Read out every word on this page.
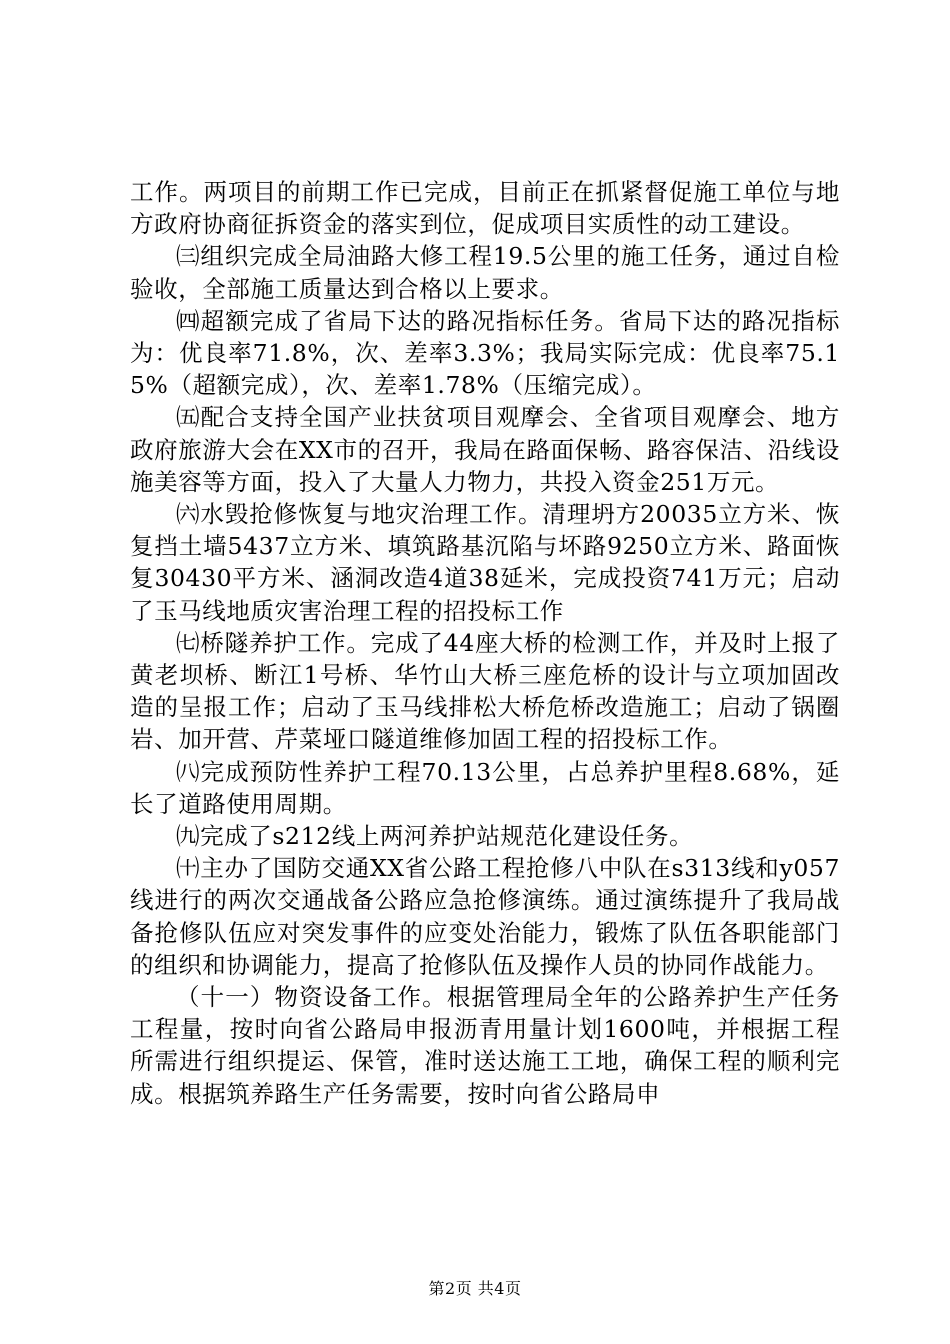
工作。两项目的前期工作已完成，目前正在抓紧督促施工单位与地方政府协商征拆资金的落实到位，促成项目实质性的动工建设。

㈢组织完成全局油路大修工程19.5公里的施工任务，通过自检验收，全部施工质量达到合格以上要求。

㈣超额完成了省局下达的路况指标任务。省局下达的路况指标为：优良率71.8%，次、差率3.3%；我局实际完成：优良率75.15%（超额完成），次、差率1.78%（压缩完成）。

㈤配合支持全国产业扶贫项目观摩会、全省项目观摩会、地方政府旅游大会在XX市的召开，我局在路面保畅、路容保洁、沿线设施美容等方面，投入了大量人力物力，共投入资金251万元。

㈥水毁抢修恢复与地灾治理工作。清理坍方20035立方米、恢复挡土墙5437立方米、填筑路基沉陷与坏路9250立方米、路面恢复30430平方米、涵洞改造4道38延米，完成投资741万元；启动了玉马线地质灾害治理工程的招投标工作

㈦桥隧养护工作。完成了44座大桥的检测工作，并及时上报了黄老坝桥、断江1号桥、华竹山大桥三座危桥的设计与立项加固改造的呈报工作；启动了玉马线排松大桥危桥改造施工；启动了锅圈岩、加开营、芹菜垭口隧道维修加固工程的招投标工作。

㈧完成预防性养护工程70.13公里，占总养护里程8.68%，延长了道路使用周期。

㈨完成了s212线上两河养护站规范化建设任务。

㈩主办了国防交通XX省公路工程抢修八中队在s313线和y057线进行的两次交通战备公路应急抢修演练。通过演练提升了我局战备抢修队伍应对突发事件的应变处治能力，锻炼了队伍各职能部门的组织和协调能力，提高了抢修队伍及操作人员的协同作战能力。

（十一）物资设备工作。根据管理局全年的公路养护生产任务工程量，按时向省公路局申报沥青用量计划1600吨，并根据工程所需进行组织提运、保管，准时送达施工工地，确保工程的顺利完成。根据筑养路生产任务需要，按时向省公路局申

第2页 共4页
